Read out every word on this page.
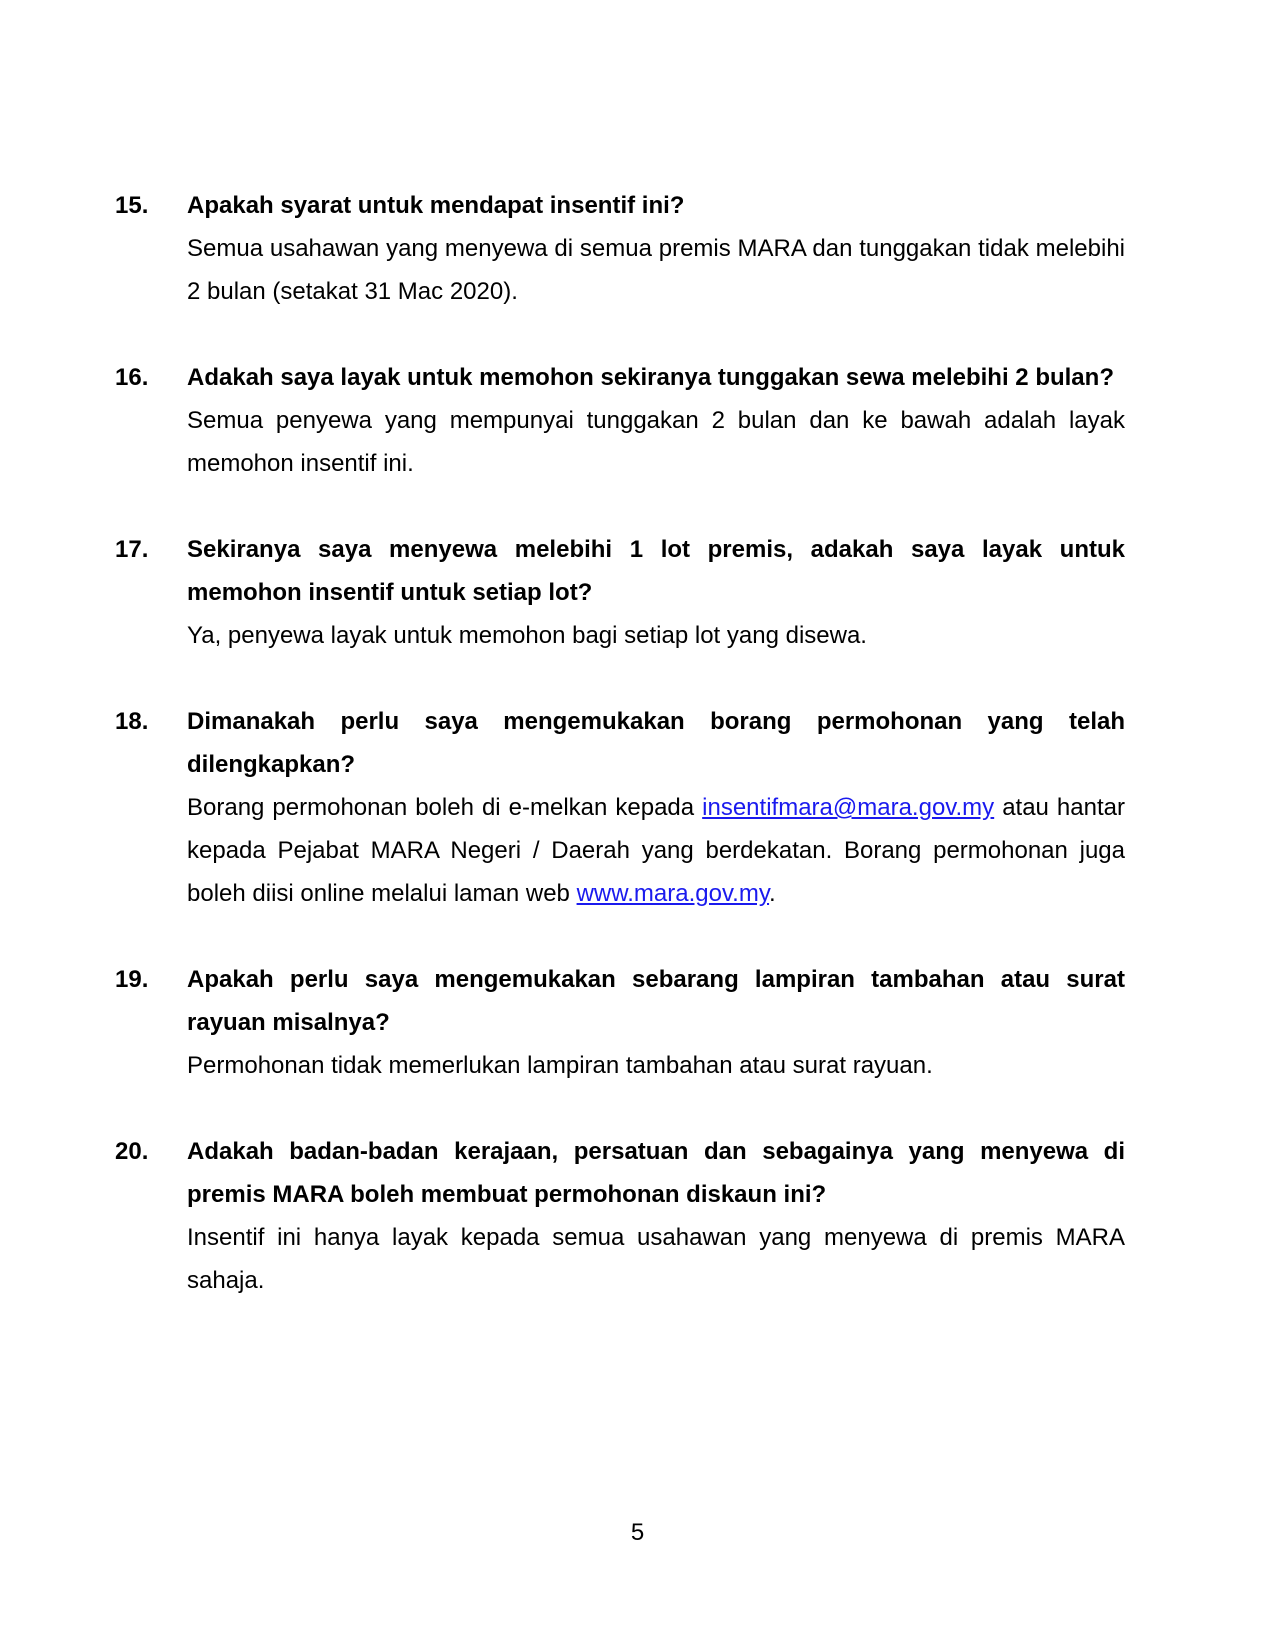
15. Apakah syarat untuk mendapat insentif ini?

Semua usahawan yang menyewa di semua premis MARA dan tunggakan tidak melebihi 2 bulan (setakat 31 Mac 2020).

16. Adakah saya layak untuk memohon sekiranya tunggakan sewa melebihi 2 bulan?

Semua penyewa yang mempunyai tunggakan 2 bulan dan ke bawah adalah layak memohon insentif ini.

17. Sekiranya saya menyewa melebihi 1 lot premis, adakah saya layak untuk memohon insentif untuk setiap lot?

Ya, penyewa layak untuk memohon bagi setiap lot yang disewa.

18. Dimanakah perlu saya mengemukakan borang permohonan yang telah dilengkapkan?

Borang permohonan boleh di e-melkan kepada insentifmara@mara.gov.my atau hantar kepada Pejabat MARA Negeri / Daerah yang berdekatan. Borang permohonan juga boleh diisi online melalui laman web www.mara.gov.my.

19. Apakah perlu saya mengemukakan sebarang lampiran tambahan atau surat rayuan misalnya?

Permohonan tidak memerlukan lampiran tambahan atau surat rayuan.

20. Adakah badan-badan kerajaan, persatuan dan sebagainya yang menyewa di premis MARA boleh membuat permohonan diskaun ini?

Insentif ini hanya layak kepada semua usahawan yang menyewa di premis MARA sahaja.

5
